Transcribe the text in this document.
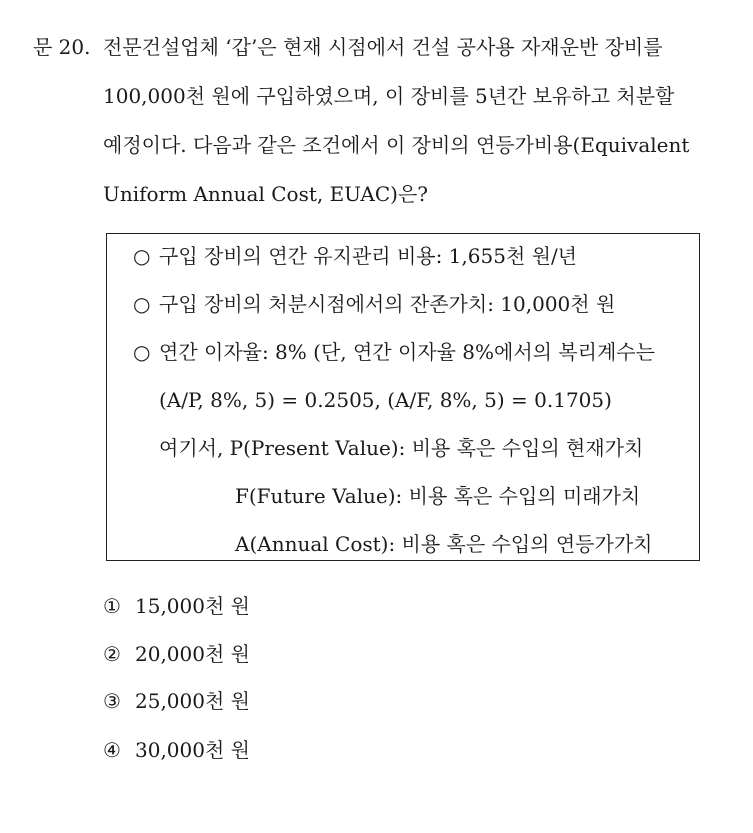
문 20. 전문건설업체 ‘갑’은 현재 시점에서 건설 공사용 자재운반 장비를
100,000천 원에 구입하였으며, 이 장비를 5년간 보유하고 처분할
예정이다. 다음과 같은 조건에서 이 장비의 연등가비용(Equivalent
Uniform Annual Cost, EUAC)은?
○ 구입 장비의 연간 유지관리 비용: 1,655천 원/년
○ 구입 장비의 처분시점에서의 잔존가치: 10,000천 원
○ 연간 이자율: 8% (단, 연간 이자율 8%에서의 복리계수는
(A/P, 8%, 5) = 0.2505, (A/F, 8%, 5) = 0.1705)
여기서, P(Present Value): 비용 혹은 수입의 현재가치
F(Future Value): 비용 혹은 수입의 미래가치
A(Annual Cost): 비용 혹은 수입의 연등가가치
① 15,000천 원
② 20,000천 원
③ 25,000천 원
④ 30,000천 원
